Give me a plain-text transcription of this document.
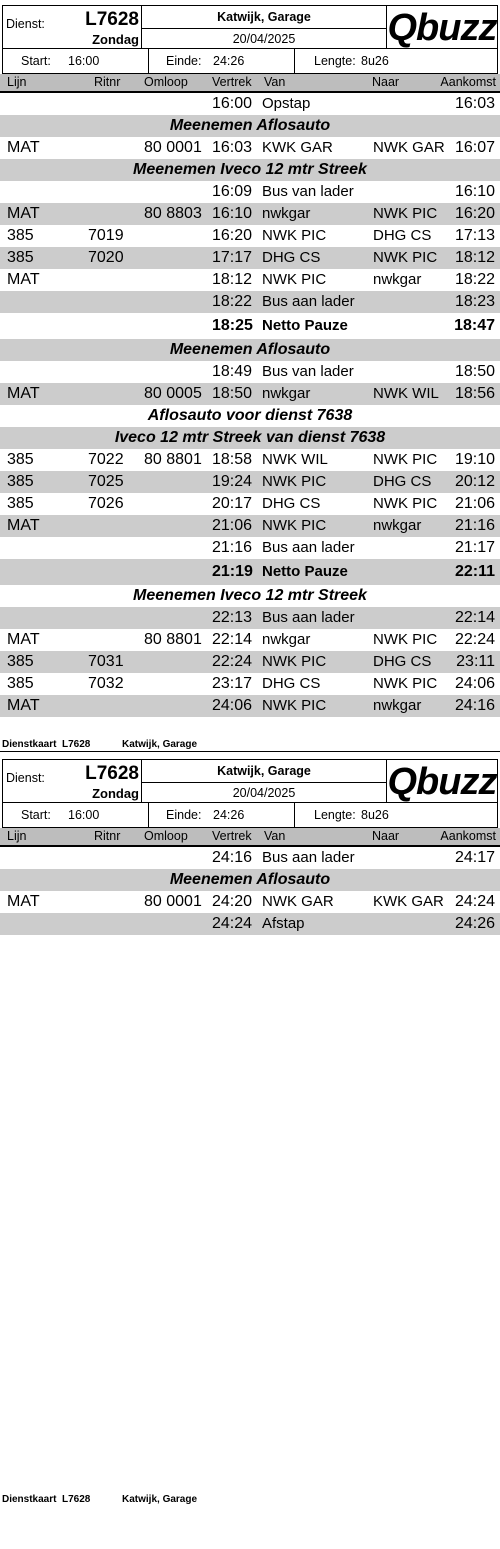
Dienst: L7628
Zondag
Katwijk, Garage
20/04/2025	Qbuzz
Start: 16:00	Einde: 24:26	Lengte: 8u26
Lijn	Ritnr Omloop Vertrek Van	Naar	Aankomst
16:00 Opstap	16:03
Meenemen Aflosauto
MAT	80 0001 16:03 KWK GAR	NWK GAR 16:07
Meenemen Iveco 12 mtr Streek
16:09 Bus van lader	16:10
MAT	80 8803 16:10 nwkgar	NWK PIC 16:20
385	7019	16:20 NWK PIC	DHG CS 17:13
385	7020	17:17 DHG CS	NWK PIC 18:12
MAT	18:12 NWK PIC	nwkgar 18:22
18:22 Bus aan lader	18:23
18:25 Netto Pauze	18:47
Meenemen Aflosauto
18:49 Bus van lader	18:50
MAT	80 0005 18:50 nwkgar	NWK WIL 18:56
Aflosauto voor dienst 7638
Iveco 12 mtr Streek van dienst 7638
385	7022 80 8801 18:58 NWK WIL	NWK PIC 19:10
385	7025	19:24 NWK PIC	DHG CS 20:12
385	7026	20:17 DHG CS	NWK PIC 21:06
MAT	21:06 NWK PIC	nwkgar 21:16
21:16 Bus aan lader	21:17
21:19 Netto Pauze	22:11
Meenemen Iveco 12 mtr Streek
22:13 Bus aan lader	22:14
MAT	80 8801 22:14 nwkgar	NWK PIC 22:24
385	7031	22:24 NWK PIC	DHG CS 23:11
385	7032	23:17 DHG CS	NWK PIC 24:06
MAT	24:06 NWK PIC	nwkgar 24:16

Dienstkaart

L7628

	Katwijk, Garage

Dienst: L7628
Zondag
Katwijk, Garage
20/04/2025	Qbuzz
Start: 16:00	Einde: 24:26	Lengte: 8u26
Lijn	Ritnr Omloop Vertrek Van	Naar	Aankomst
24:16 Bus aan lader	24:17
Meenemen Aflosauto
MAT	80 0001 24:20 NWK GAR	KWK GAR 24:24
24:24 Afstap	24:26

Dienstkaart

L7628

	Katwijk, Garage
